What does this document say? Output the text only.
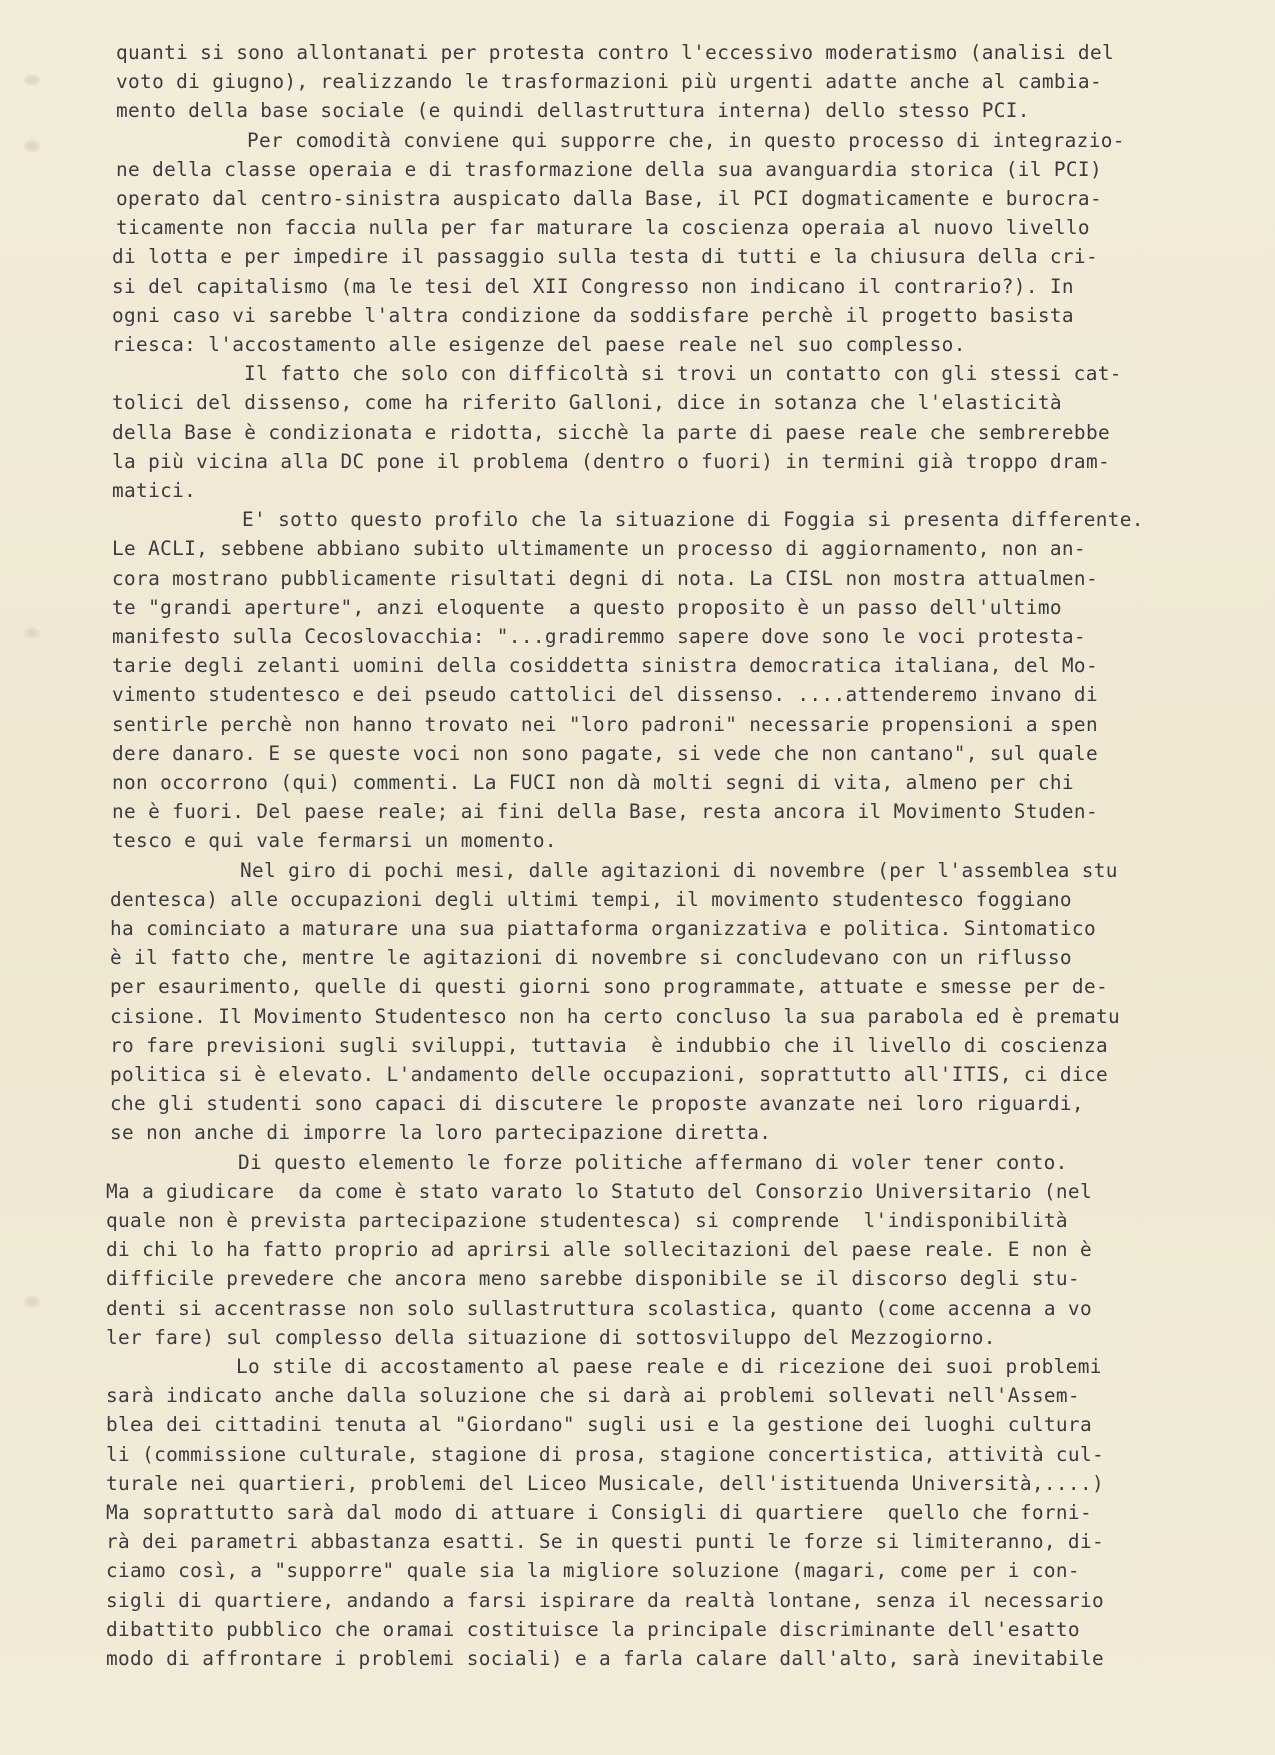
quanti si sono allontanati per protesta contro l'eccessivo moderatismo (analisi del
voto di giugno), realizzando le trasformazioni più urgenti adatte anche al cambia-
mento della base sociale (e quindi dellastruttura interna) dello stesso PCI.
Per comodità conviene qui supporre che, in questo processo di integrazio-
ne della classe operaia e di trasformazione della sua avanguardia storica (il PCI)
operato dal centro-sinistra auspicato dalla Base, il PCI dogmaticamente e burocra-
ticamente non faccia nulla per far maturare la coscienza operaia al nuovo livello
di lotta e per impedire il passaggio sulla testa di tutti e la chiusura della cri-
si del capitalismo (ma le tesi del XII Congresso non indicano il contrario?). In
ogni caso vi sarebbe l'altra condizione da soddisfare perchè il progetto basista
riesca: l'accostamento alle esigenze del paese reale nel suo complesso.
Il fatto che solo con difficoltà si trovi un contatto con gli stessi cat-
tolici del dissenso, come ha riferito Galloni, dice in sotanza che l'elasticità
della Base è condizionata e ridotta, sicchè la parte di paese reale che sembrerebbe
la più vicina alla DC pone il problema (dentro o fuori) in termini già troppo dram-
matici.
E' sotto questo profilo che la situazione di Foggia si presenta differente.
Le ACLI, sebbene abbiano subito ultimamente un processo di aggiornamento, non an-
cora mostrano pubblicamente risultati degni di nota. La CISL non mostra attualmen-
te "grandi aperture", anzi eloquente  a questo proposito è un passo dell'ultimo
manifesto sulla Cecoslovacchia: "...gradiremmo sapere dove sono le voci protesta-
tarie degli zelanti uomini della cosiddetta sinistra democratica italiana, del Mo-
vimento studentesco e dei pseudo cattolici del dissenso. ....attenderemo invano di
sentirle perchè non hanno trovato nei "loro padroni" necessarie propensioni a spen
dere danaro. E se queste voci non sono pagate, si vede che non cantano", sul quale
non occorrono (qui) commenti. La FUCI non dà molti segni di vita, almeno per chi
ne è fuori. Del paese reale; ai fini della Base, resta ancora il Movimento Studen-
tesco e qui vale fermarsi un momento.
Nel giro di pochi mesi, dalle agitazioni di novembre (per l'assemblea stu
dentesca) alle occupazioni degli ultimi tempi, il movimento studentesco foggiano
ha cominciato a maturare una sua piattaforma organizzativa e politica. Sintomatico
è il fatto che, mentre le agitazioni di novembre si concludevano con un riflusso
per esaurimento, quelle di questi giorni sono programmate, attuate e smesse per de-
cisione. Il Movimento Studentesco non ha certo concluso la sua parabola ed è prematu
ro fare previsioni sugli sviluppi, tuttavia  è indubbio che il livello di coscienza
politica si è elevato. L'andamento delle occupazioni, soprattutto all'ITIS, ci dice
che gli studenti sono capaci di discutere le proposte avanzate nei loro riguardi,
se non anche di imporre la loro partecipazione diretta.
Di questo elemento le forze politiche affermano di voler tener conto.
Ma a giudicare  da come è stato varato lo Statuto del Consorzio Universitario (nel
quale non è prevista partecipazione studentesca) si comprende  l'indisponibilità
di chi lo ha fatto proprio ad aprirsi alle sollecitazioni del paese reale. E non è
difficile prevedere che ancora meno sarebbe disponibile se il discorso degli stu-
denti si accentrasse non solo sullastruttura scolastica, quanto (come accenna a vo
ler fare) sul complesso della situazione di sottosviluppo del Mezzogiorno.
Lo stile di accostamento al paese reale e di ricezione dei suoi problemi
sarà indicato anche dalla soluzione che si darà ai problemi sollevati nell'Assem-
blea dei cittadini tenuta al "Giordano" sugli usi e la gestione dei luoghi cultura
li (commissione culturale, stagione di prosa, stagione concertistica, attività cul-
turale nei quartieri, problemi del Liceo Musicale, dell'istituenda Università,....)
Ma soprattutto sarà dal modo di attuare i Consigli di quartiere  quello che forni-
rà dei parametri abbastanza esatti. Se in questi punti le forze si limiteranno, di-
ciamo così, a "supporre" quale sia la migliore soluzione (magari, come per i con-
sigli di quartiere, andando a farsi ispirare da realtà lontane, senza il necessario
dibattito pubblico che oramai costituisce la principale discriminante dell'esatto
modo di affrontare i problemi sociali) e a farla calare dall'alto, sarà inevitabile
